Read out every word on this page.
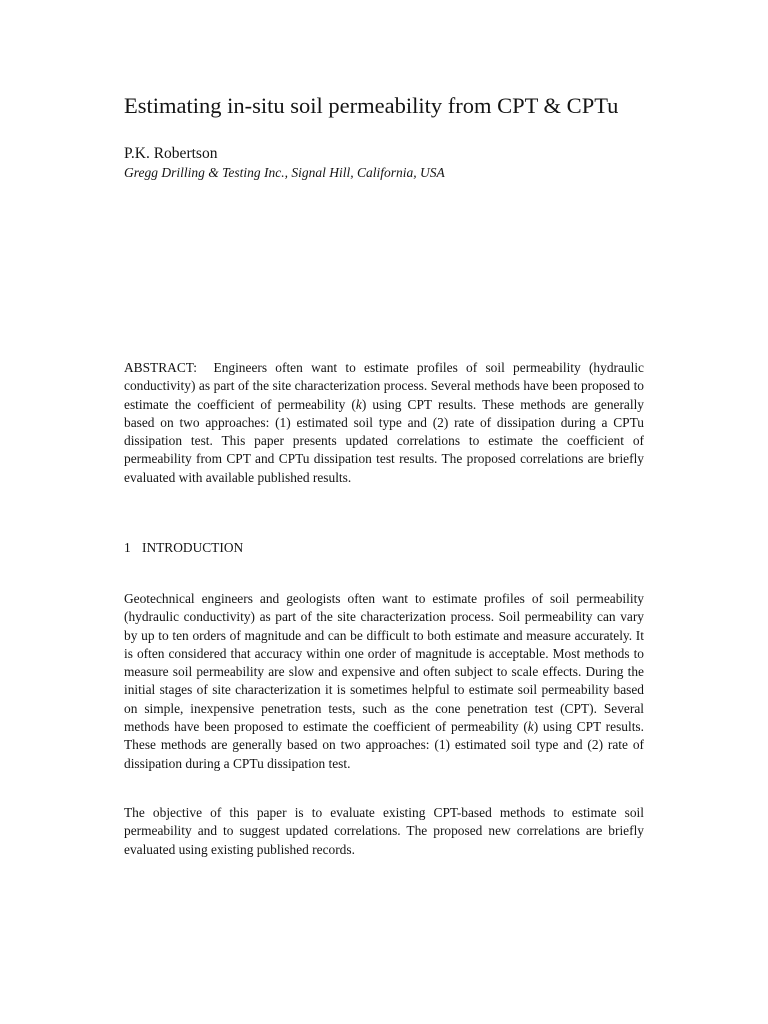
Estimating in-situ soil permeability from CPT & CPTu

P.K. Robertson

Gregg Drilling & Testing Inc., Signal Hill, California, USA

ABSTRACT: Engineers often want to estimate profiles of soil permeability (hydraulic conductivity) as part of the site characterization process. Several methods have been proposed to estimate the coefficient of permeability (k) using CPT results. These methods are generally based on two approaches: (1) estimated soil type and (2) rate of dissipation during a CPTu dissipation test. This paper presents updated correlations to estimate the coefficient of permeability from CPT and CPTu dissipation test results. The proposed correlations are briefly evaluated with available published results.

1 INTRODUCTION

Geotechnical engineers and geologists often want to estimate profiles of soil permeability (hydraulic conductivity) as part of the site characterization process. Soil permeability can vary by up to ten orders of magnitude and can be difficult to both estimate and measure accurately. It is often considered that accuracy within one order of magnitude is acceptable. Most methods to measure soil permeability are slow and expensive and often subject to scale effects. During the initial stages of site characterization it is sometimes helpful to estimate soil permeability based on simple, inexpensive penetration tests, such as the cone penetration test (CPT). Several methods have been proposed to estimate the coefficient of permeability (k) using CPT results. These methods are generally based on two approaches: (1) estimated soil type and (2) rate of dissipation during a CPTu dissipation test.

The objective of this paper is to evaluate existing CPT-based methods to estimate soil permeability and to suggest updated correlations. The proposed new correlations are briefly evaluated using existing published records.
